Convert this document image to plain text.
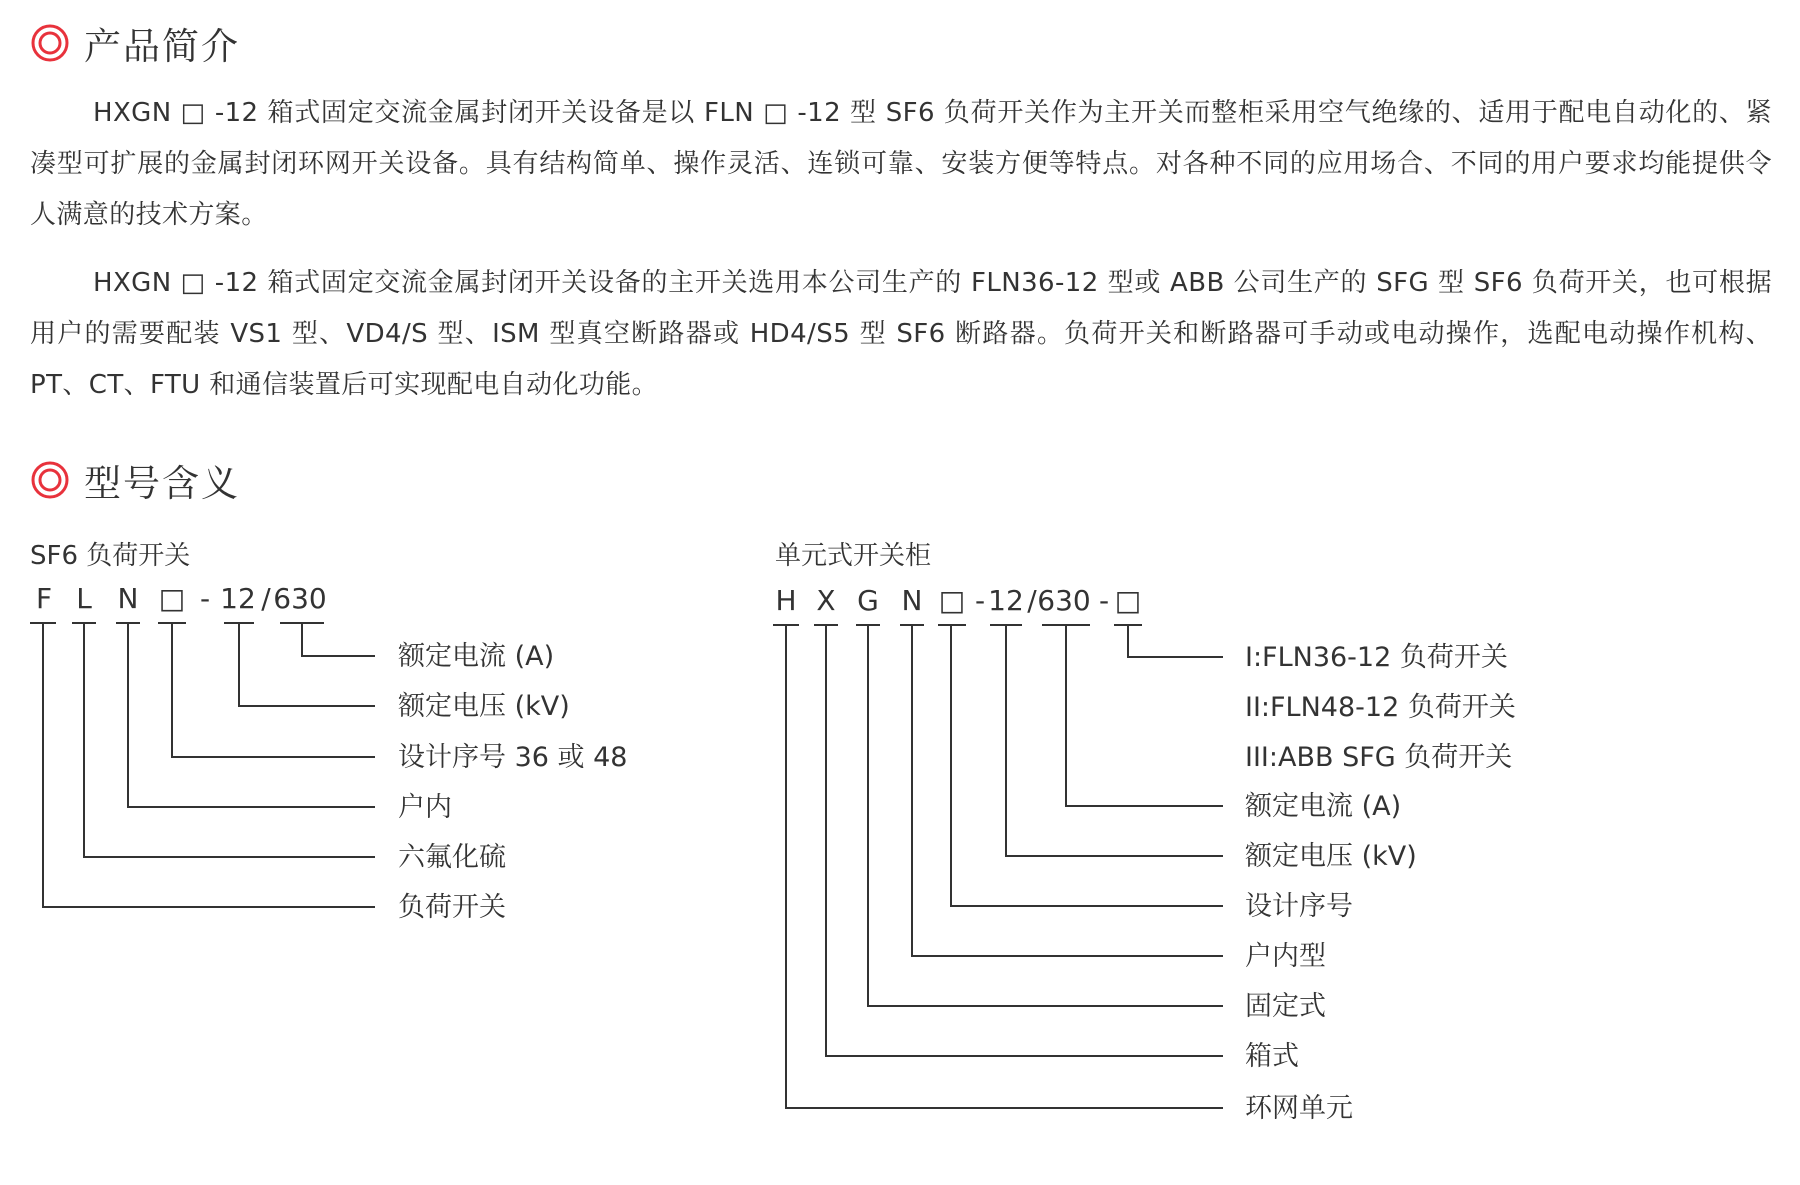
产品简介

HXGN □ -12 箱式固定交流金属封闭开关设备是以 FLN □ -12 型 SF6 负荷开关作为主开关而整柜采用空气绝缘的、适用于配电自动化的、紧凑型可扩展的金属封闭环网开关设备。具有结构简单、操作灵活、连锁可靠、安装方便等特点。对各种不同的应用场合、不同的用户要求均能提供令人满意的技术方案。

HXGN □ -12 箱式固定交流金属封闭开关设备的主开关选用本公司生产的 FLN36-12 型或 ABB 公司生产的 SFG 型 SF6 负荷开关，也可根据用户的需要配装 VS1 型、VD4/S 型、ISM 型真空断路器或 HD4/S5 型 SF6 断路器。负荷开关和断路器可手动或电动操作，选配电动操作机构、 PT、CT、FTU 和通信装置后可实现配电自动化功能。

型号含义
SF6 负荷开关
F L N □ - 12 / 630
额定电流 (A)
额定电压 (kV)
设计序号 36 或 48
户内
六氟化硫
负荷开关
单元式开关柜
H X G N □ - 12 / 630 - □
I:FLN36-12 负荷开关
II:FLN48-12 负荷开关
III:ABB SFG 负荷开关
额定电流 (A)
额定电压 (kV)
设计序号
户内型
固定式
箱式
环网单元
